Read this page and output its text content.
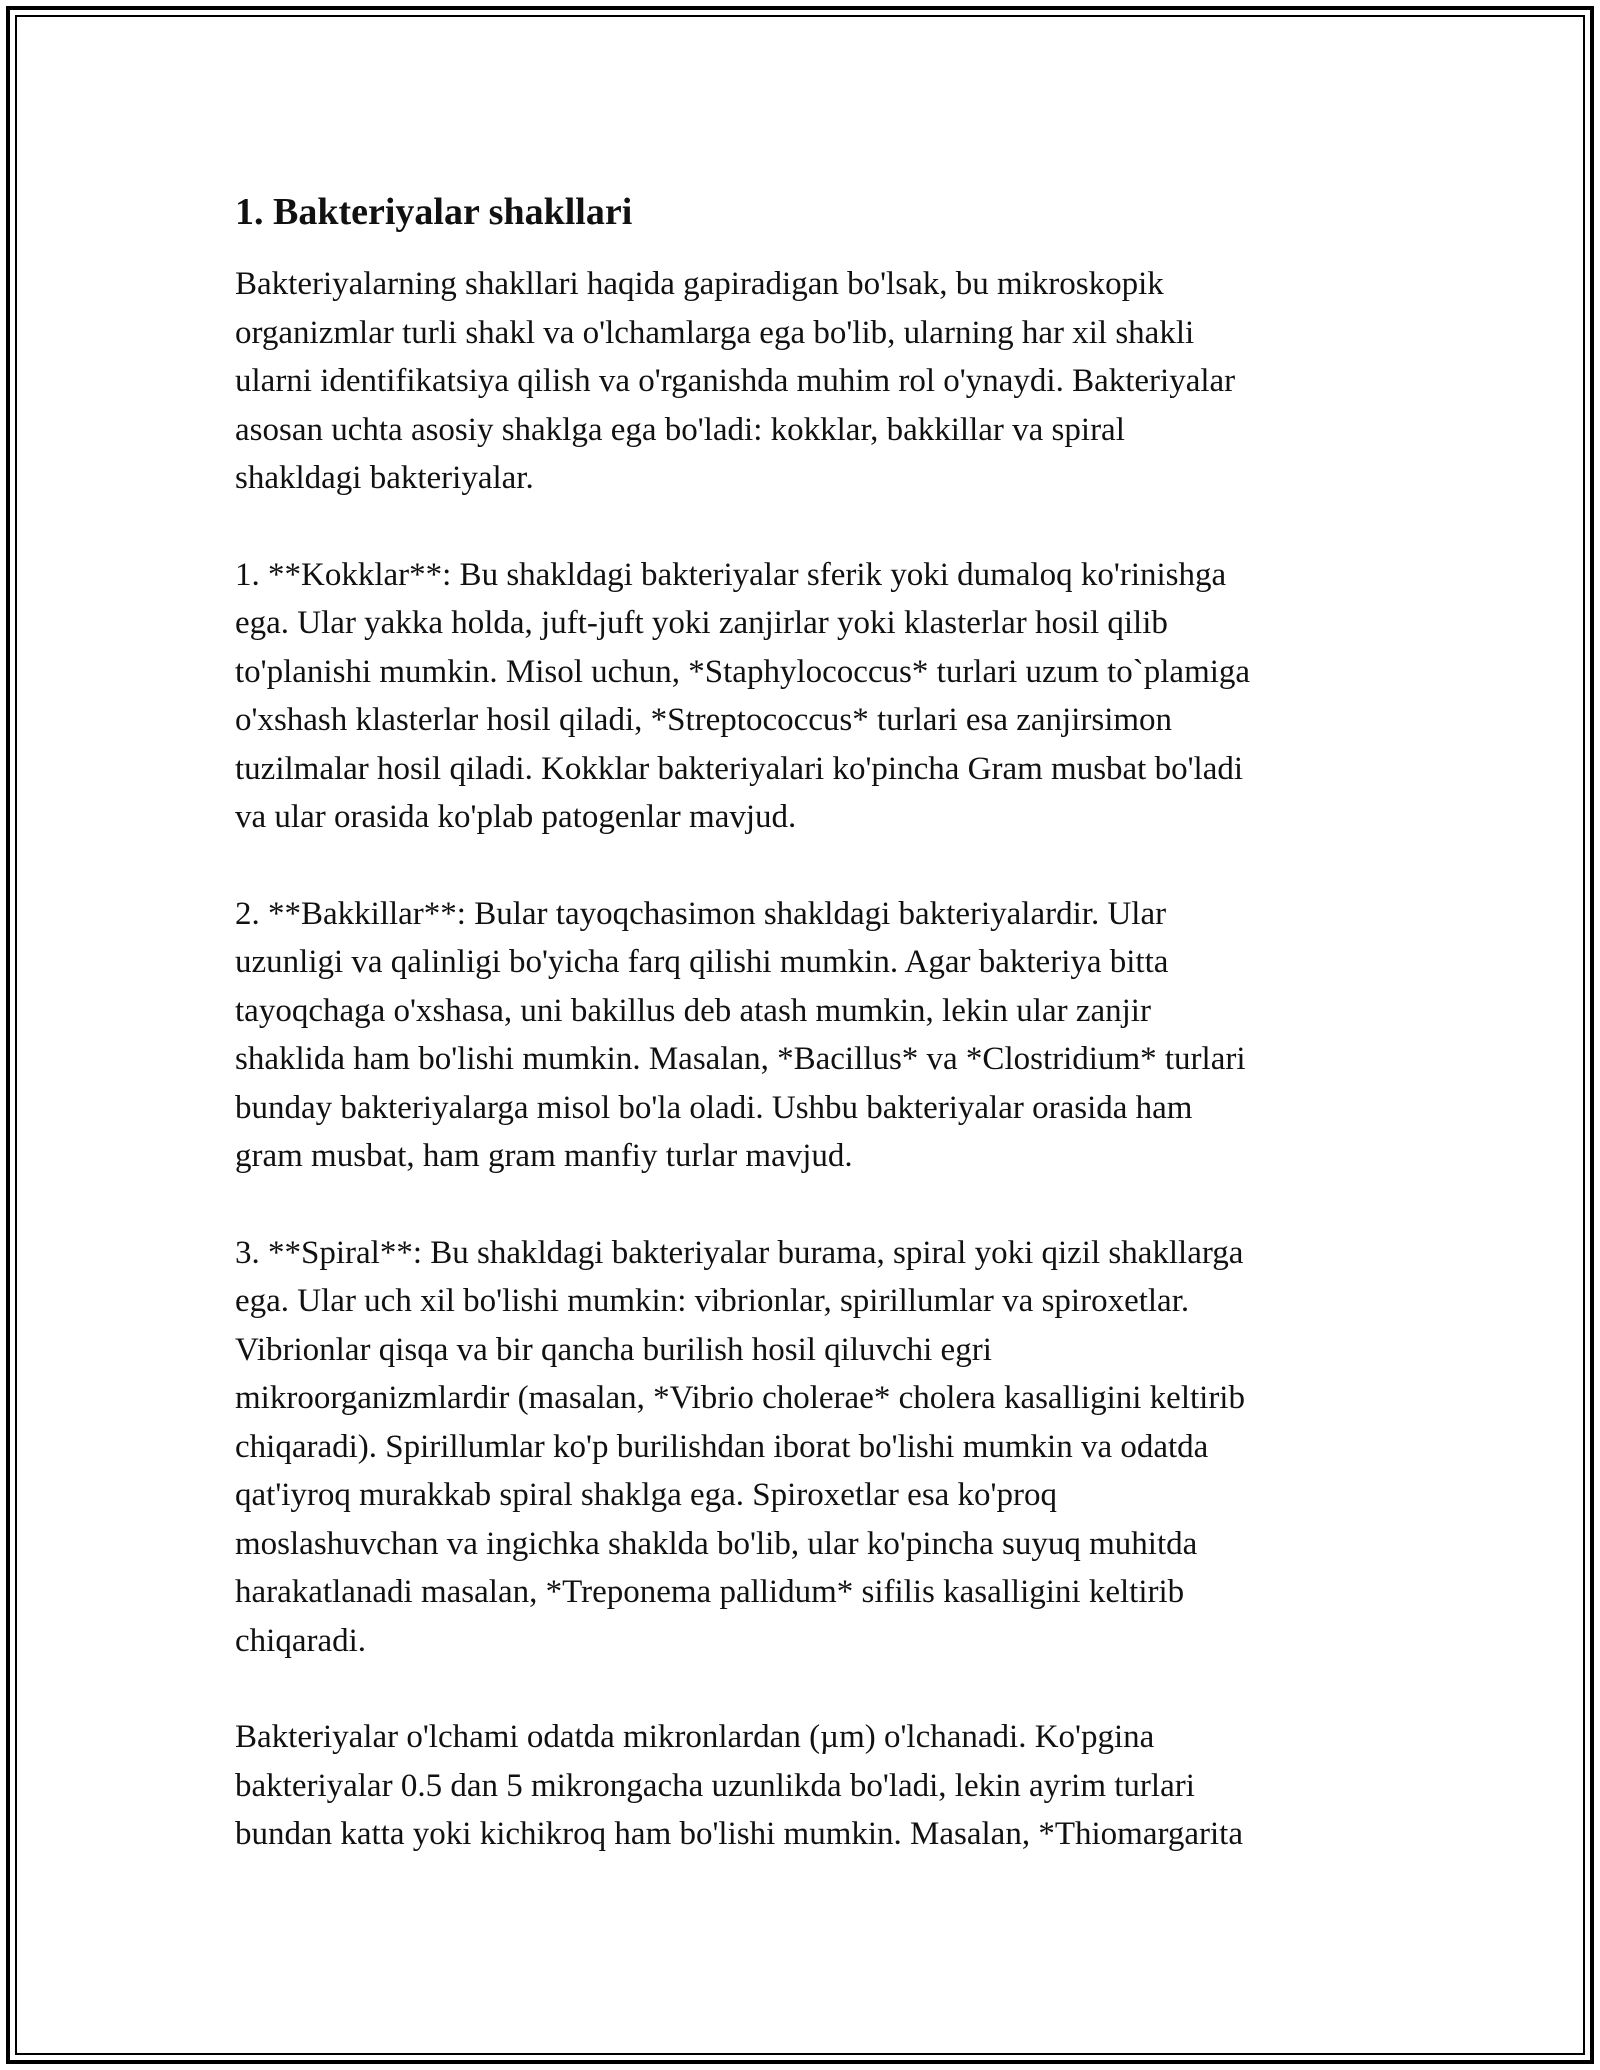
1. Bakteriyalar shakllari
Bakteriyalarning shakllari haqida gapiradigan bo'lsak, bu mikroskopik
organizmlar turli shakl va o'lchamlarga ega bo'lib, ularning har xil shakli
ularni identifikatsiya qilish va o'rganishda muhim rol o'ynaydi. Bakteriyalar
asosan uchta asosiy shaklga ega bo'ladi: kokklar, bakkillar va spiral
shakldagi bakteriyalar.
1. **Kokklar**: Bu shakldagi bakteriyalar sferik yoki dumaloq ko'rinishga
ega. Ular yakka holda, juft-juft yoki zanjirlar yoki klasterlar hosil qilib
to'planishi mumkin. Misol uchun, *Staphylococcus* turlari uzum to`plamiga
o'xshash klasterlar hosil qiladi, *Streptococcus* turlari esa zanjirsimon
tuzilmalar hosil qiladi. Kokklar bakteriyalari ko'pincha Gram musbat bo'ladi
va ular orasida ko'plab patogenlar mavjud.
2. **Bakkillar**: Bular tayoqchasimon shakldagi bakteriyalardir. Ular
uzunligi va qalinligi bo'yicha farq qilishi mumkin. Agar bakteriya bitta
tayoqchaga o'xshasa, uni bakillus deb atash mumkin, lekin ular zanjir
shaklida ham bo'lishi mumkin. Masalan, *Bacillus* va *Clostridium* turlari
bunday bakteriyalarga misol bo'la oladi. Ushbu bakteriyalar orasida ham
gram musbat, ham gram manfiy turlar mavjud.
3. **Spiral**: Bu shakldagi bakteriyalar burama, spiral yoki qizil shakllarga
ega. Ular uch xil bo'lishi mumkin: vibrionlar, spirillumlar va spiroxetlar.
Vibrionlar qisqa va bir qancha burilish hosil qiluvchi egri
mikroorganizmlardir (masalan, *Vibrio cholerae* cholera kasalligini keltirib
chiqaradi). Spirillumlar ko'p burilishdan iborat bo'lishi mumkin va odatda
qat'iyroq murakkab spiral shaklga ega. Spiroxetlar esa ko'proq
moslashuvchan va ingichka shaklda bo'lib, ular ko'pincha suyuq muhitda
harakatlanadi masalan, *Treponema pallidum* sifilis kasalligini keltirib
chiqaradi.
Bakteriyalar o'lchami odatda mikronlardan (µm) o'lchanadi. Ko'pgina
bakteriyalar 0.5 dan 5 mikrongacha uzunlikda bo'ladi, lekin ayrim turlari
bundan katta yoki kichikroq ham bo'lishi mumkin. Masalan, *Thiomargarita
